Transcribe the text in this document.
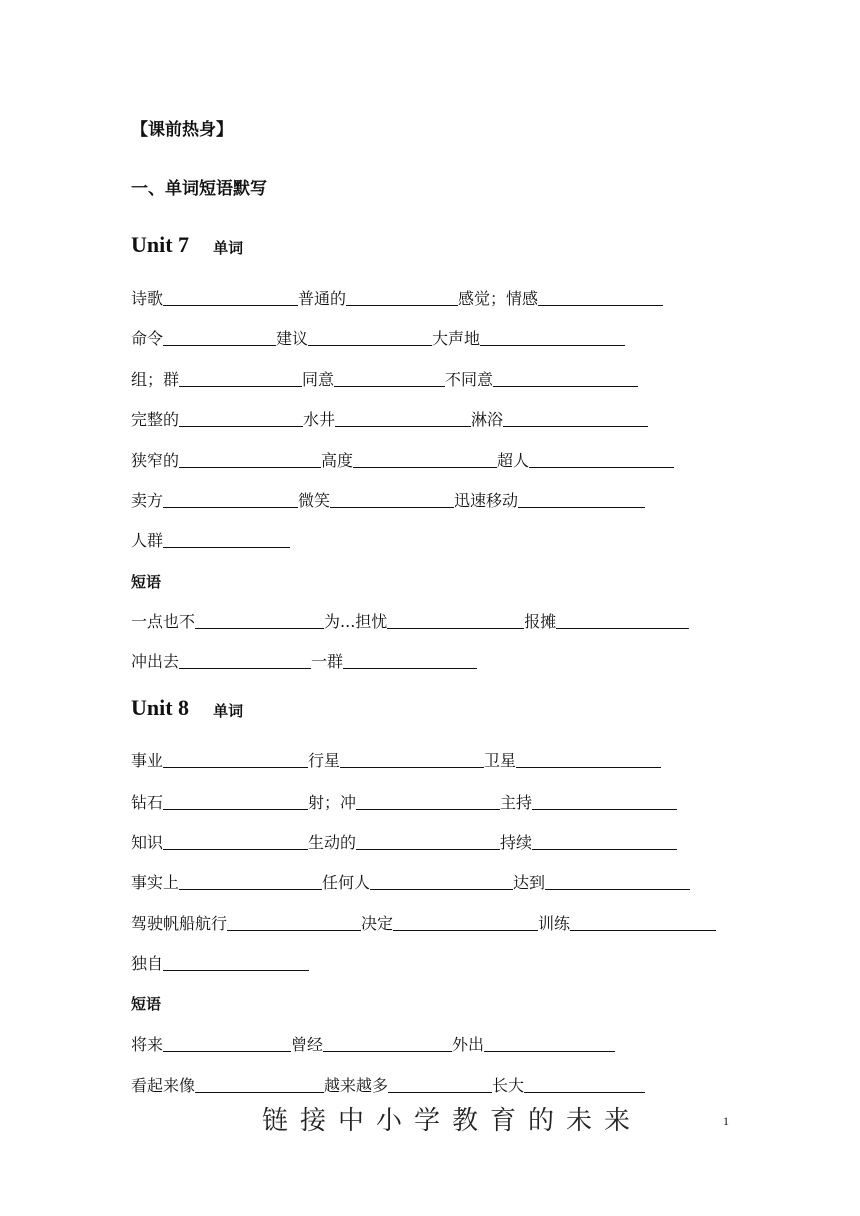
【课前热身】
一、单词短语默写
Unit 7 单词
诗歌	普通的	感觉；情感
命令	建议	大声地
组；群	同意	不同意
完整的	水井	淋浴
狭窄的	高度	超人
卖方	微笑	迅速移动
人群
短语
一点也不	为...担忧	报摊
冲出去	一群
Unit 8 单词
事业	行星	卫星
钻石	射；冲	主持
知识	生动的	持续
事实上	任何人	达到
驾驶帆船航行	决定	训练
独自
短语
将来	曾经	外出
看起来像	越来越多	长大
链接中小学教育的未来	1
